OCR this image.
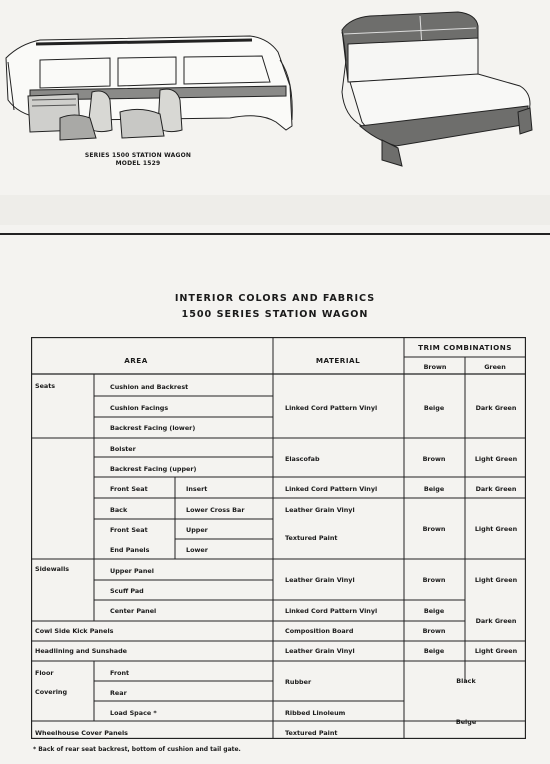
SERIES 1500 STATION WAGON
MODEL 1529
INTERIOR COLORS AND FABRICS
1500 SERIES STATION WAGON
AREA	MATERIAL
TRIM COMBINATIONS
Brown	Green
Seats
Sidewalls
Cowl Side Kick Panels
Headlining and Sunshade
Floor
Covering
Wheelhouse Cover Panels
Cushion and Backrest
Cushion Facings
Backrest Facing (lower)
Bolster
Backrest Facing (upper)
Front Seat
Back
Front Seat
End Panels
Upper Panel
Scuff Pad
Center Panel
Front
Rear
Load Space *
Insert
Lower Cross Bar
Upper
Lower
Linked Cord Pattern Vinyl
Elascofab
Linked Cord Pattern Vinyl
Leather Grain Vinyl
Textured Paint
Leather Grain Vinyl
Linked Cord Pattern Vinyl
Composition Board
Leather Grain Vinyl
Rubber
Ribbed Linoleum
Textured Paint
Beige
Brown
Beige
Brown
Brown
Beige
Brown
Beige
Dark Green
Light Green
Dark Green
Light Green
Light Green
Dark Green
Light Green
Black
Beige
* Back of rear seat backrest, bottom of cushion and tail gate.
